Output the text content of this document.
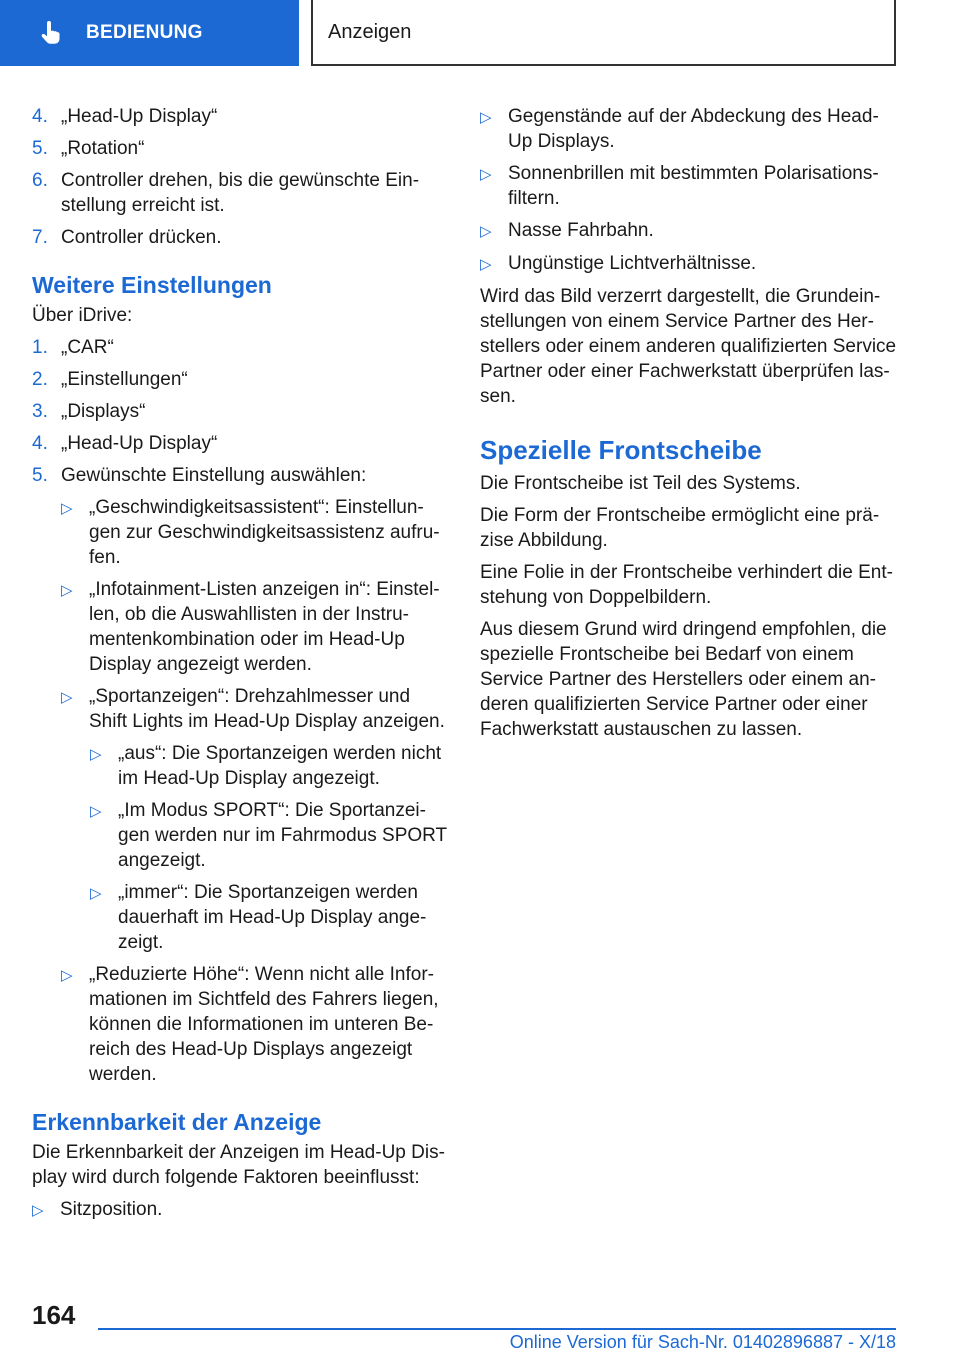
BEDIENUNG	Anzeigen
4. „Head-Up Display“
5. „Rotation“
6. Controller drehen, bis die gewünschte Ein-stellung erreicht ist.
7. Controller drücken.
Weitere Einstellungen

Über iDrive:

1. „CAR“
2. „Einstellungen“
3. „Displays“
4. „Head-Up Display“
5. Gewünschte Einstellung auswählen:
▷ „Geschwindigkeitsassistent“: Einstellun-gen zur Geschwindigkeitsassistenz aufru-fen.
▷ „Infotainment-Listen anzeigen in“: Einstel-len, ob die Auswahllisten in der Instru-mentenkombination oder im Head-Up Display angezeigt werden.
▷ „Sportanzeigen“: Drehzahlmesser und Shift Lights im Head-Up Display anzeigen.
▷ „aus“: Die Sportanzeigen werden nicht im Head-Up Display angezeigt.
▷ „Im Modus SPORT“: Die Sportanzei-gen werden nur im Fahrmodus SPORT angezeigt.
▷ „immer“: Die Sportanzeigen werden dauerhaft im Head-Up Display ange-zeigt.
▷ „Reduzierte Höhe“: Wenn nicht alle Infor-mationen im Sichtfeld des Fahrers liegen, können die Informationen im unteren Be-reich des Head-Up Displays angezeigt werden.
Erkennbarkeit der Anzeige

Die Erkennbarkeit der Anzeigen im Head-Up Dis-play wird durch folgende Faktoren beeinflusst:

▷ Sitzposition.
▷ Gegenstände auf der Abdeckung des Head-Up Displays.
▷ Sonnenbrillen mit bestimmten Polarisations-filtern.
▷ Nasse Fahrbahn.
▷ Ungünstige Lichtverhältnisse.

Wird das Bild verzerrt dargestellt, die Grundein-stellungen von einem Service Partner des Her-stellers oder einem anderen qualifizierten Service Partner oder einer Fachwerkstatt überprüfen las-sen.

Spezielle Frontscheibe

Die Frontscheibe ist Teil des Systems.

Die Form der Frontscheibe ermöglicht eine prä-zise Abbildung.

Eine Folie in der Frontscheibe verhindert die Ent-stehung von Doppelbildern.

Aus diesem Grund wird dringend empfohlen, die spezielle Frontscheibe bei Bedarf von einem Service Partner des Herstellers oder einem an-deren qualifizierten Service Partner oder einer Fachwerkstatt austauschen zu lassen.

164
Online Version für Sach-Nr. 01402896887 - X/18
